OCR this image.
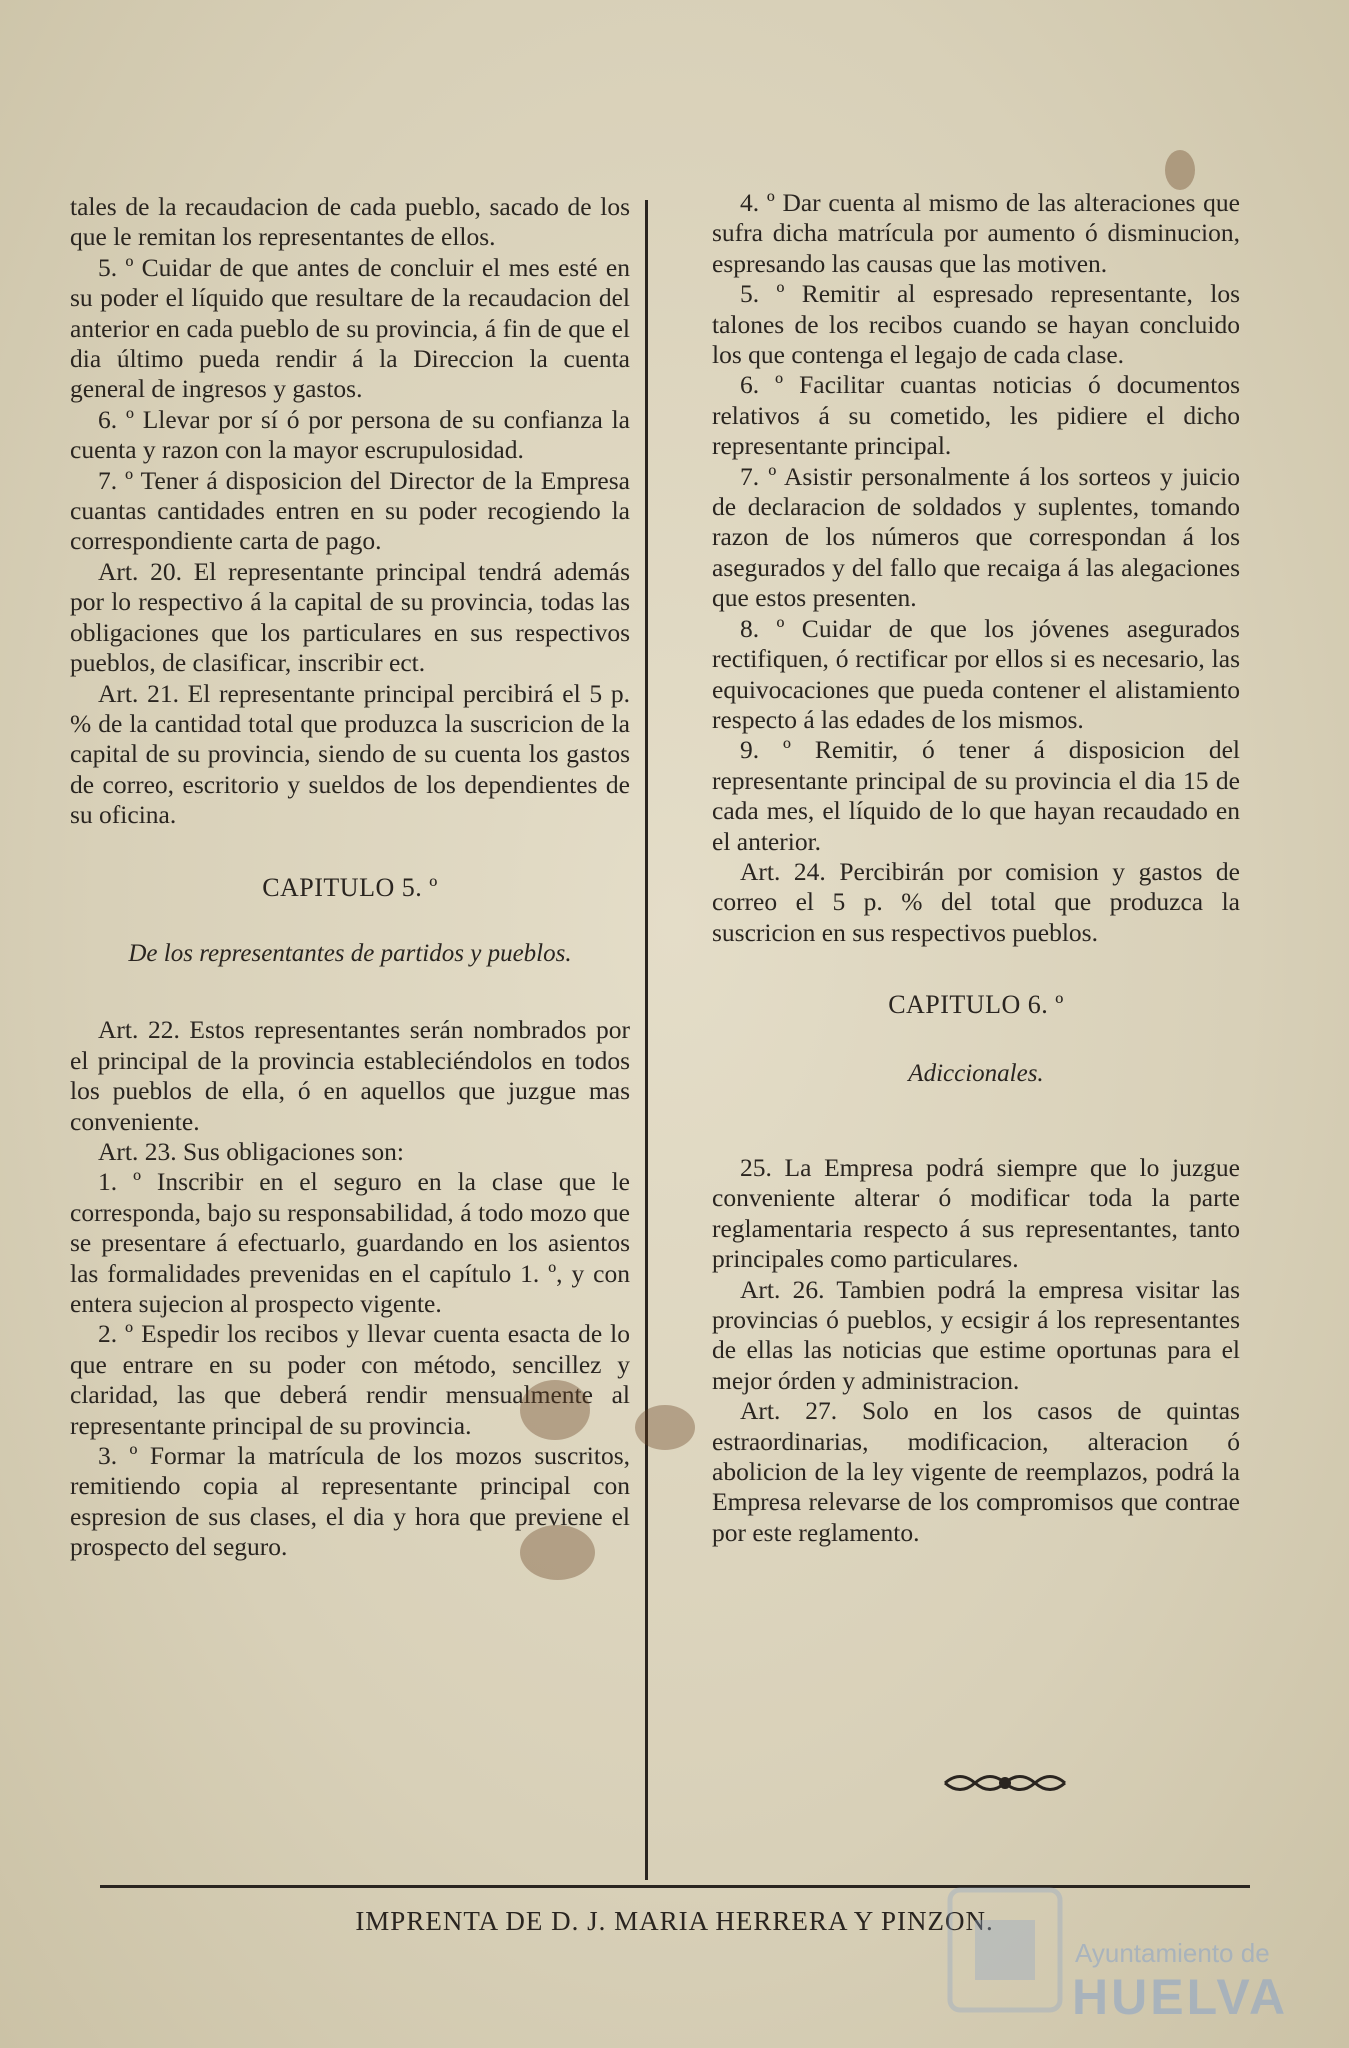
tales de la recaudacion de cada pueblo, sacado de los que le remitan los representantes de ellos.

5. º Cuidar de que antes de concluir el mes esté en su poder el líquido que resultare de la recaudacion del anterior en cada pueblo de su provincia, á fin de que el dia último pueda rendir á la Direccion la cuenta general de ingresos y gastos.

6. º Llevar por sí ó por persona de su confianza la cuenta y razon con la mayor escrupulosidad.

7. º Tener á disposicion del Director de la Empresa cuantas cantidades entren en su poder recogiendo la correspondiente carta de pago.

Art. 20. El representante principal tendrá además por lo respectivo á la capital de su provincia, todas las obligaciones que los particulares en sus respectivos pueblos, de clasificar, inscribir ect.

Art. 21. El representante principal percibirá el 5 p. % de la cantidad total que produzca la suscricion de la capital de su provincia, siendo de su cuenta los gastos de correo, escritorio y sueldos de los dependientes de su oficina.

CAPITULO 5. º

De los representantes de partidos y pueblos.

Art. 22. Estos representantes serán nombrados por el principal de la provincia estableciéndolos en todos los pueblos de ella, ó en aquellos que juzgue mas conveniente.

Art. 23. Sus obligaciones son:

1. º Inscribir en el seguro en la clase que le corresponda, bajo su responsabilidad, á todo mozo que se presentare á efectuarlo, guardando en los asientos las formalidades prevenidas en el capítulo 1. º, y con entera sujecion al prospecto vigente.

2. º Espedir los recibos y llevar cuenta esacta de lo que entrare en su poder con método, sencillez y claridad, las que deberá rendir mensualmente al representante principal de su provincia.

3. º Formar la matrícula de los mozos suscritos, remitiendo copia al representante principal con espresion de sus clases, el dia y hora que previene el prospecto del seguro.

4. º Dar cuenta al mismo de las alteraciones que sufra dicha matrícula por aumento ó disminucion, espresando las causas que las motiven.

5. º Remitir al espresado representante, los talones de los recibos cuando se hayan concluido los que contenga el legajo de cada clase.

6. º Facilitar cuantas noticias ó documentos relativos á su cometido, les pidiere el dicho representante principal.

7. º Asistir personalmente á los sorteos y juicio de declaracion de soldados y suplentes, tomando razon de los números que correspondan á los asegurados y del fallo que recaiga á las alegaciones que estos presenten.

8. º Cuidar de que los jóvenes asegurados rectifiquen, ó rectificar por ellos si es necesario, las equivocaciones que pueda contener el alistamiento respecto á las edades de los mismos.

9. º Remitir, ó tener á disposicion del representante principal de su provincia el dia 15 de cada mes, el líquido de lo que hayan recaudado en el anterior.

Art. 24. Percibirán por comision y gastos de correo el 5 p. % del total que produzca la suscricion en sus respectivos pueblos.

CAPITULO 6. º

Adiccionales.

25. La Empresa podrá siempre que lo juzgue conveniente alterar ó modificar toda la parte reglamentaria respecto á sus representantes, tanto principales como particulares.

Art. 26. Tambien podrá la empresa visitar las provincias ó pueblos, y ecsigir á los representantes de ellas las noticias que estime oportunas para el mejor órden y administracion.

Art. 27. Solo en los casos de quintas estraordinarias, modificacion, alteracion ó abolicion de la ley vigente de reemplazos, podrá la Empresa relevarse de los compromisos que contrae por este reglamento.

IMPRENTA DE D. J. MARIA HERRERA Y PINZON.
Ayuntamiento de
HUELVA
